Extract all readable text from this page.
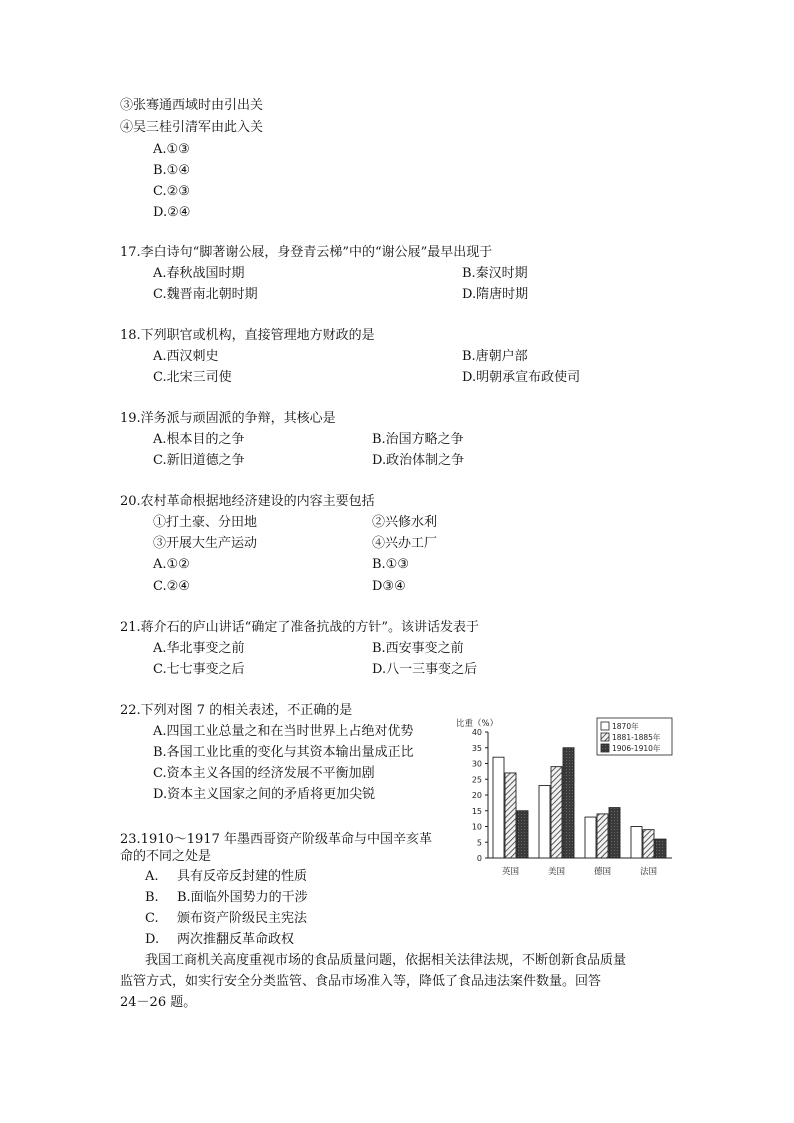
③张骞通西域时由引出关
④吴三桂引清军由此入关
A.①③
B.①④
C.②③
D.②④
17.李白诗句“脚著谢公屐，身登青云梯”中的“谢公屐”最早出现于
A.春秋战国时期	B.秦汉时期
C.魏晋南北朝时期	D.隋唐时期
18.下列职官或机构，直接管理地方财政的是
A.西汉刺史	B.唐朝户部
C.北宋三司使	D.明朝承宣布政使司
19.洋务派与顽固派的争辩，其核心是
A.根本目的之争	B.治国方略之争
C.新旧道德之争	D.政治体制之争
20.农村革命根据地经济建设的内容主要包括
①打土豪、分田地	②兴修水利
③开展大生产运动	④兴办工厂
A.①②	B.①③
C.②④	D③④
21.蒋介石的庐山讲话“确定了准备抗战的方针”。该讲话发表于
A.华北事变之前	B.西安事变之前
C.七七事变之后	D.八一三事变之后
22.下列对图 7 的相关表述，不正确的是
A.四国工业总量之和在当时世界上占绝对优势
B.各国工业比重的变化与其资本输出量成正比
C.资本主义各国的经济发展不平衡加剧
D.资本主义国家之间的矛盾将更加尖锐
比重（%）
0
5
10
15
20
25
30
35
40
英国	美国	德国	法国
1870年
1881-1885年
1906-1910年
23.1910～1917 年墨西哥资产阶级革命与中国辛亥革
命的不同之处是
A. 具有反帝反封建的性质
B. B.面临外国势力的干涉
C. 颁布资产阶级民主宪法
D. 两次推翻反革命政权
我国工商机关高度重视市场的食品质量问题，依据相关法律法规，不断创新食品质量
监管方式，如实行安全分类监管、食品市场准入等，降低了食品违法案件数量。回答
24－26 题。
